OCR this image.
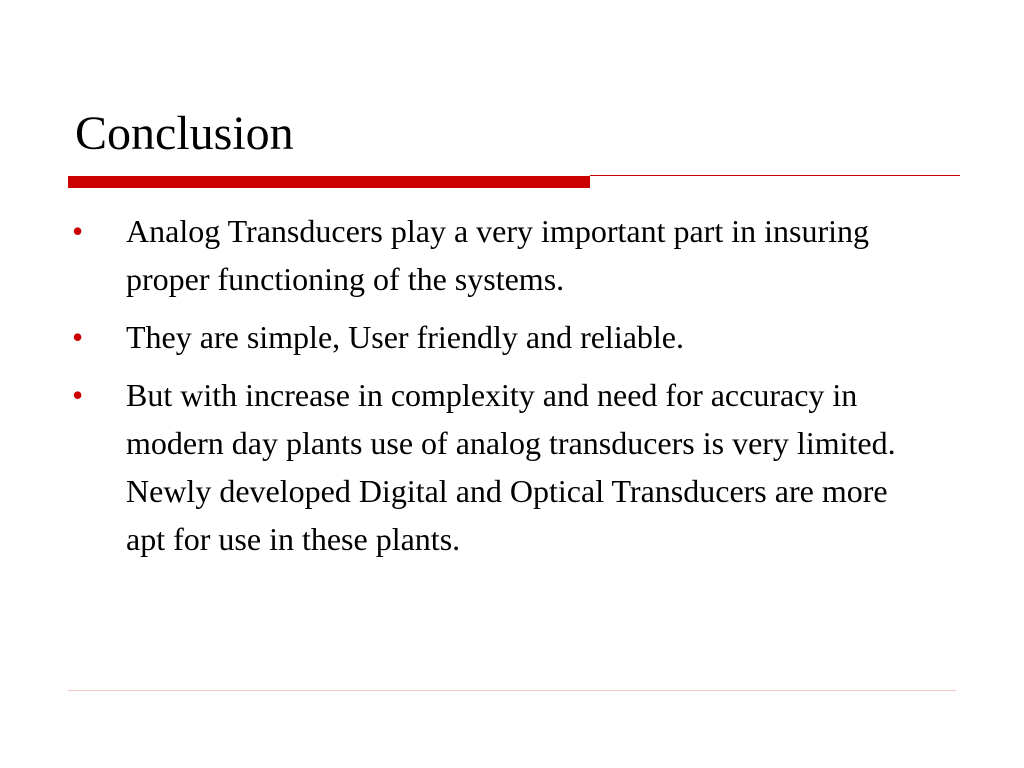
Conclusion
• Analog Transducers play a very important part in insuring proper functioning of the systems.
• They are simple, User friendly and reliable.
• But with increase in complexity and need for accuracy in modern day plants use of analog transducers is very limited. Newly developed Digital and Optical Transducers are more apt for use in these plants.
